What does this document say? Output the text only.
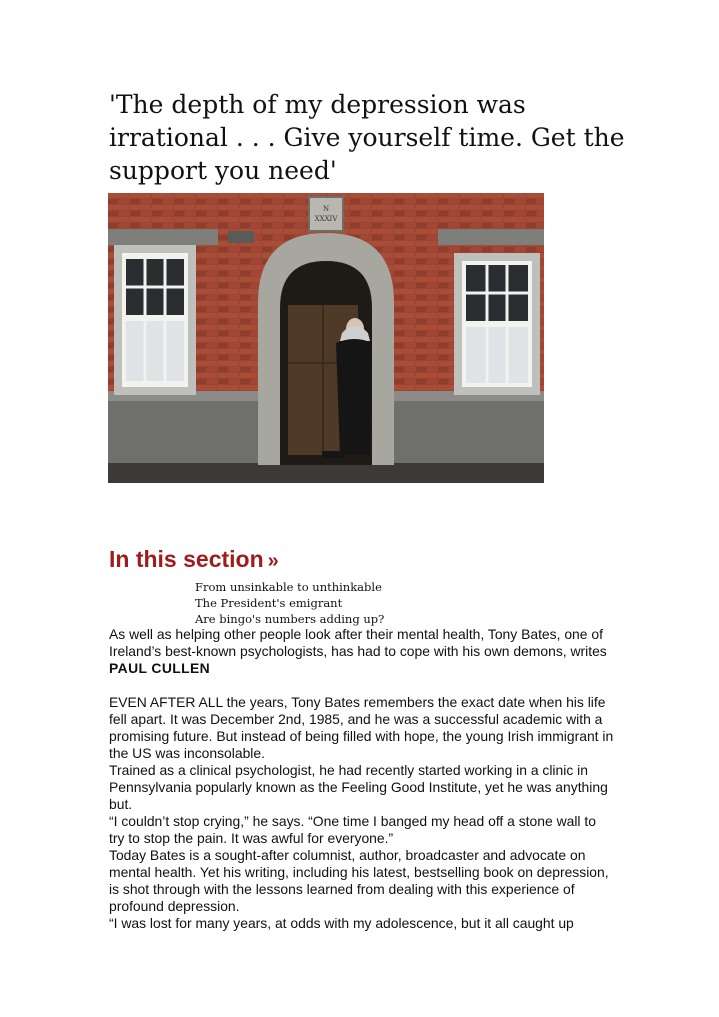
'The depth of my depression was irrational . . . Give yourself time. Get the support you need'
N
XXXIV
In this section »
From unsinkable to unthinkable
The President's emigrant
Are bingo's numbers adding up?

As well as helping other people look after their mental health, Tony Bates, one of Ireland’s best-known psychologists, has had to cope with his own demons, writes PAUL CULLEN

EVEN AFTER ALL the years, Tony Bates remembers the exact date when his life fell apart. It was December 2nd, 1985, and he was a successful academic with a promising future. But instead of being filled with hope, the young Irish immigrant in the US was inconsolable.

Trained as a clinical psychologist, he had recently started working in a clinic in Pennsylvania popularly known as the Feeling Good Institute, yet he was anything but.

“I couldn’t stop crying,” he says. “One time I banged my head off a stone wall to try to stop the pain. It was awful for everyone.”

Today Bates is a sought-after columnist, author, broadcaster and advocate on mental health. Yet his writing, including his latest, bestselling book on depression, is shot through with the lessons learned from dealing with this experience of profound depression.

“I was lost for many years, at odds with my adolescence, but it all caught up
